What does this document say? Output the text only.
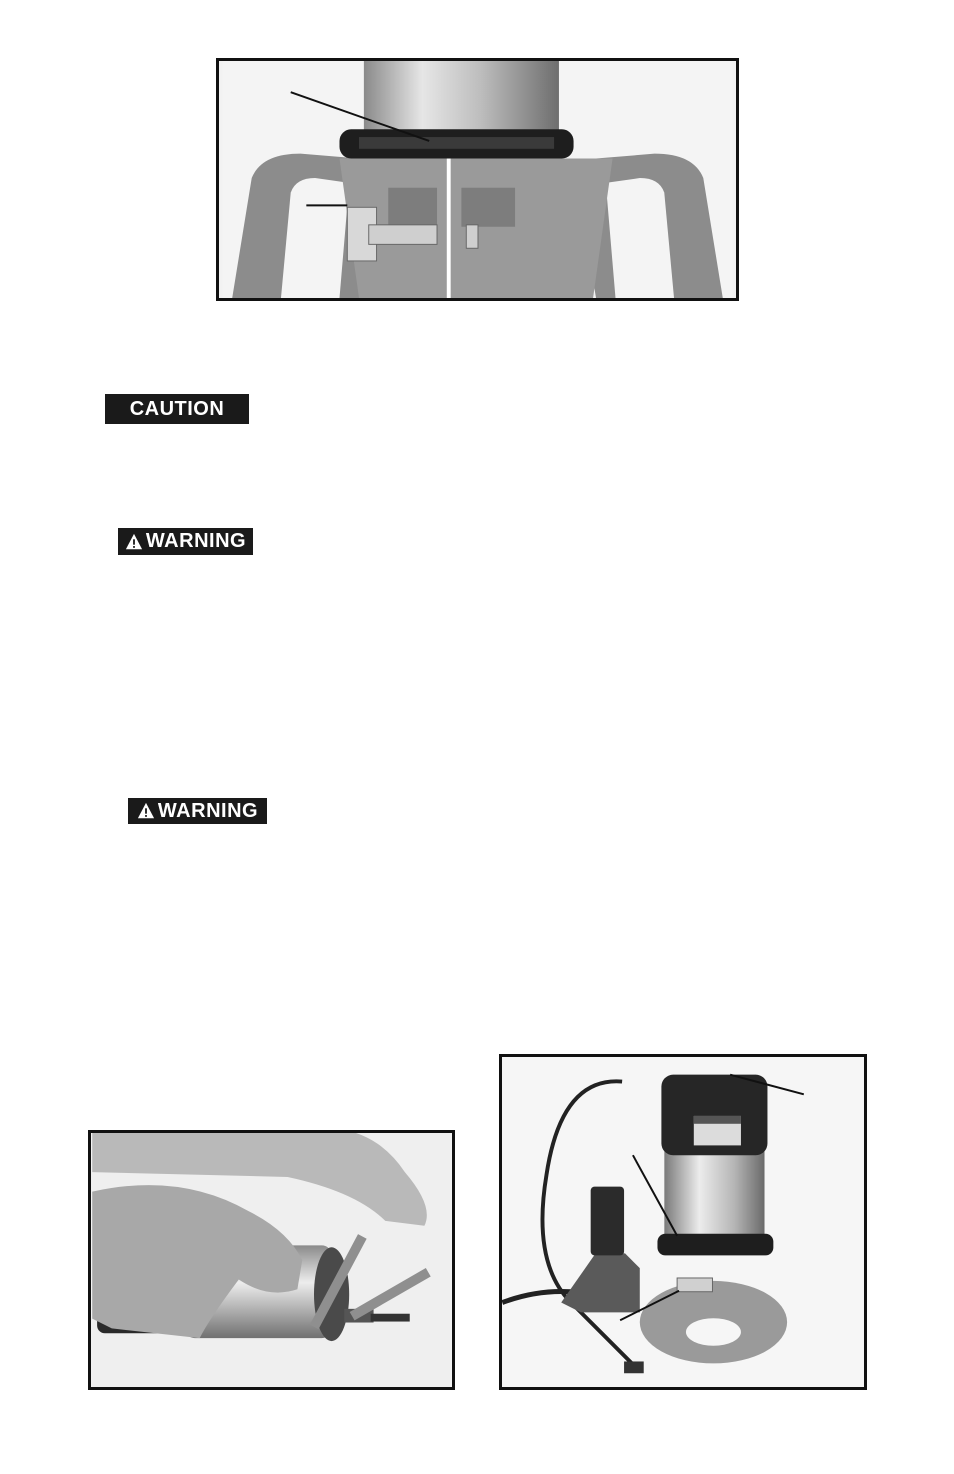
CAUTION
WARNING
WARNING
